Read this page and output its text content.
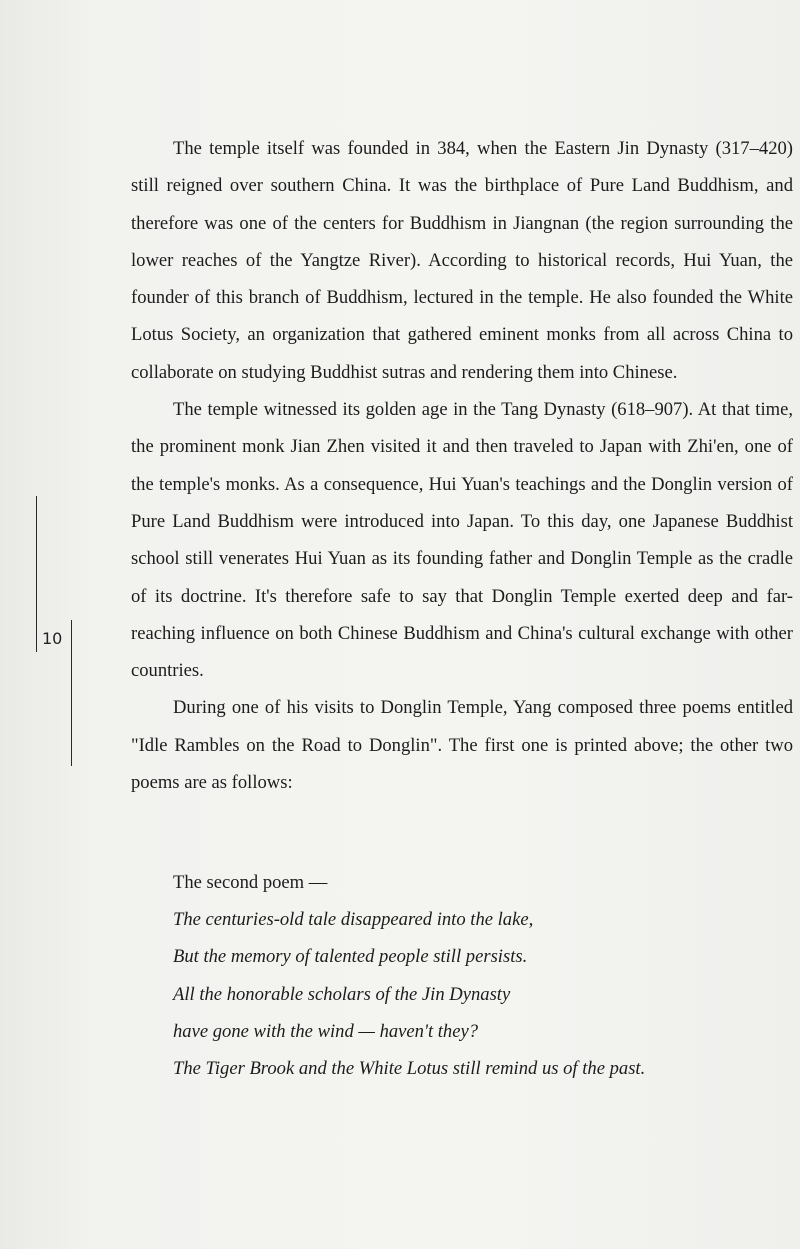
The temple itself was founded in 384, when the Eastern Jin Dynasty (317–420) still reigned over southern China. It was the birthplace of Pure Land Buddhism, and therefore was one of the centers for Buddhism in Jiangnan (the region surrounding the lower reaches of the Yangtze River). According to historical records, Hui Yuan, the founder of this branch of Buddhism, lectured in the temple. He also founded the White Lotus Society, an organization that gathered eminent monks from all across China to collaborate on studying Buddhist sutras and rendering them into Chinese.

The temple witnessed its golden age in the Tang Dynasty (618–907). At that time, the prominent monk Jian Zhen visited it and then traveled to Japan with Zhi'en, one of the temple's monks. As a consequence, Hui Yuan's teachings and the Donglin version of Pure Land Buddhism were introduced into Japan. To this day, one Japanese Buddhist school still venerates Hui Yuan as its founding father and Donglin Temple as the cradle of its doctrine. It's therefore safe to say that Donglin Temple exerted deep and far-reaching influence on both Chinese Buddhism and China's cultural exchange with other countries.

During one of his visits to Donglin Temple, Yang composed three poems entitled "Idle Rambles on the Road to Donglin". The first one is printed above; the other two poems are as follows:

10
The second poem —
The centuries-old tale disappeared into the lake,
But the memory of talented people still persists.
All the honorable scholars of the Jin Dynasty
have gone with the wind — haven't they?
The Tiger Brook and the White Lotus still remind us of the past.
